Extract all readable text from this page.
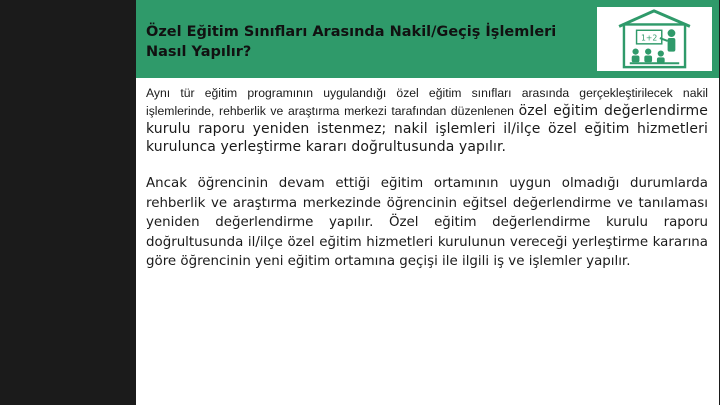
Özel Eğitim Sınıfları Arasında Nakil/Geçiş İşlemleri Nasıl Yapılır?
1+2

Aynı tür eğitim programının uygulandığı özel eğitim sınıfları arasında gerçekleştirilecek nakil işlemlerinde, rehberlik ve araştırma merkezi tarafından düzenlenen özel eğitim değerlendirme kurulu raporu yeniden istenmez; nakil işlemleri il/ilçe özel eğitim hizmetleri kurulunca yerleştirme kararı doğrultusunda yapılır.

Ancak öğrencinin devam ettiği eğitim ortamının uygun olmadığı durumlarda rehberlik ve araştırma merkezinde öğrencinin eğitsel değerlendirme ve tanılaması yeniden değerlendirme yapılır. Özel eğitim değerlendirme kurulu raporu doğrultusunda il/ilçe özel eğitim hizmetleri kurulunun vereceği yerleştirme kararına göre öğrencinin yeni eğitim ortamına geçişi ile ilgili iş ve işlemler yapılır.
